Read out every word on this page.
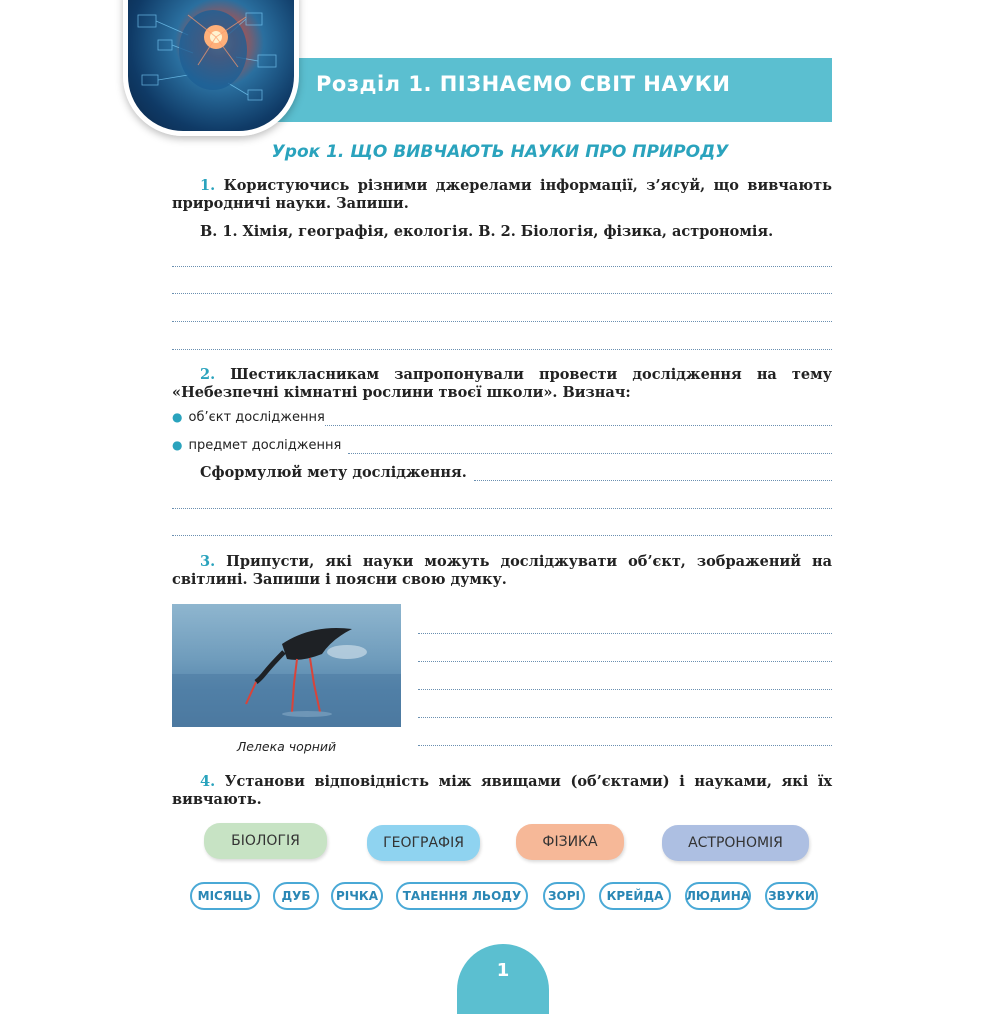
Розділ 1. ПІЗНАЄМО СВІТ НАУКИ
Урок 1. ЩО ВИВЧАЮТЬ НАУКИ ПРО ПРИРОДУ
1. Користуючись різними джерелами інформації, з’ясуй, що вивчають природничі науки. Запиши.
В. 1. Хімія, географія, екологія. В. 2. Біологія, фізика, астрономія.
2. Шестикласникам запропонували провести дослідження на тему «Небезпечні кімнатні рослини твоєї школи». Визнач:
● об’єкт дослідження
● предмет дослідження
Сформулюй мету дослідження.
3. Припусти, які науки можуть досліджувати об’єкт, зображений на світлині. Запиши і поясни свою думку.
Лелека чорний
4. Установи відповідність між явищами (об’єктами) і науками, які їх вивчають.
БІОЛОГІЯ	ГЕОГРАФІЯ	ФІЗИКА	АСТРОНОМІЯ
МІСЯЦЬ	ДУБ	РІЧКА	ТАНЕННЯ ЛЬОДУ	ЗОРІ	КРЕЙДА	ЛЮДИНА ЗВУКИ
1
